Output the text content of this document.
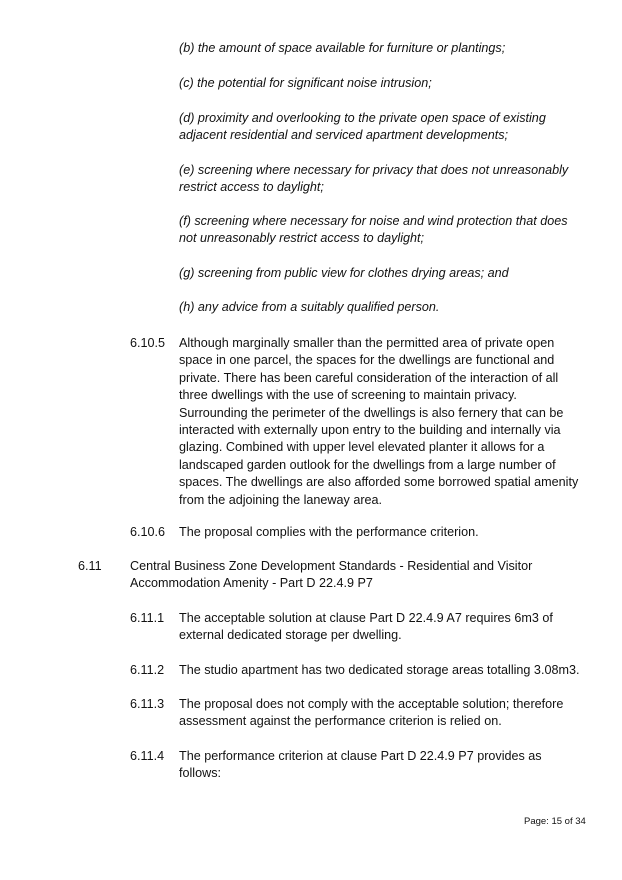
(b) the amount of space available for furniture or plantings;
(c) the potential for significant noise intrusion;
(d) proximity and overlooking to the private open space of existing adjacent residential and serviced apartment developments;
(e) screening where necessary for privacy that does not unreasonably restrict access to daylight;
(f) screening where necessary for noise and wind protection that does not unreasonably restrict access to daylight;
(g) screening from public view for clothes drying areas; and
(h) any advice from a suitably qualified person.
6.10.5 Although marginally smaller than the permitted area of private open space in one parcel, the spaces for the dwellings are functional and private. There has been careful consideration of the interaction of all three dwellings with the use of screening to maintain privacy. Surrounding the perimeter of the dwellings is also fernery that can be interacted with externally upon entry to the building and internally via glazing. Combined with upper level elevated planter it allows for a landscaped garden outlook for the dwellings from a large number of spaces. The dwellings are also afforded some borrowed spatial amenity from the adjoining the laneway area.
6.10.6 The proposal complies with the performance criterion.
6.11 Central Business Zone Development Standards - Residential and Visitor Accommodation Amenity - Part D 22.4.9 P7
6.11.1 The acceptable solution at clause Part D 22.4.9 A7 requires 6m3 of external dedicated storage per dwelling.
6.11.2 The studio apartment has two dedicated storage areas totalling 3.08m3.
6.11.3 The proposal does not comply with the acceptable solution; therefore assessment against the performance criterion is relied on.
6.11.4 The performance criterion at clause Part D 22.4.9 P7 provides as follows:
Page: 15 of 34
